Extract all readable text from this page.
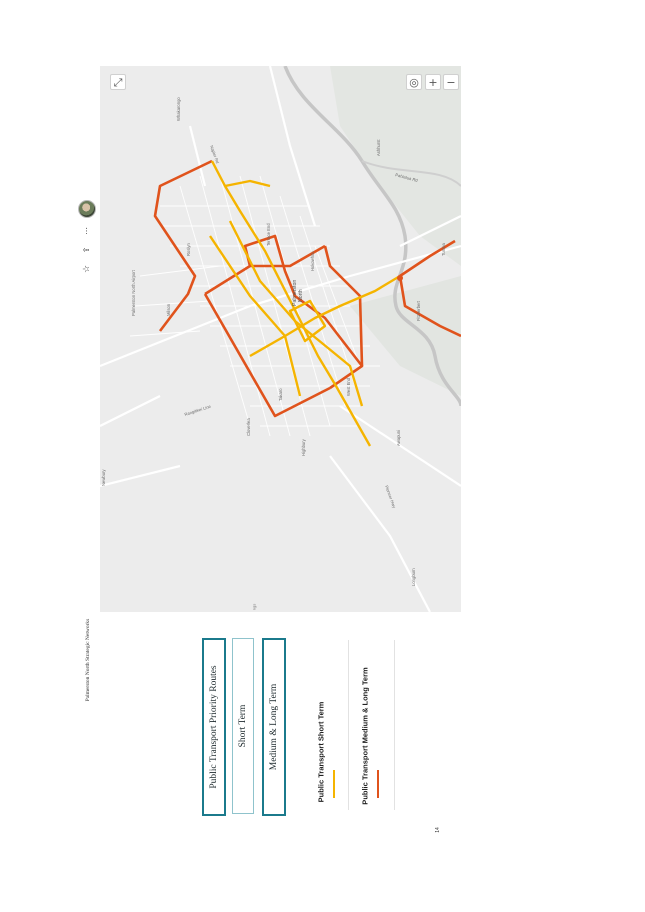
Palmerston North Strategic Networks
☆
⇪
⋯
Whakarongo
Ashhurst
Hokowhitu
Palmerston North
Terrace End
Roslyn
Milson
Takaro	West End
Highbury
Cloverlea
Awapuni
Fitzherbert
Turitea
Newbury
Longburn
Palmerston North Airport
Rangitikei Line
Napier Rd
Pahiatua Rd
Pioneer Hwy
⤢	◎ + −
ngs
Public Transport Priority Routes Short Term Medium & Long Term	Public Transport Short Term	Public Transport Medium & Long Term
14
